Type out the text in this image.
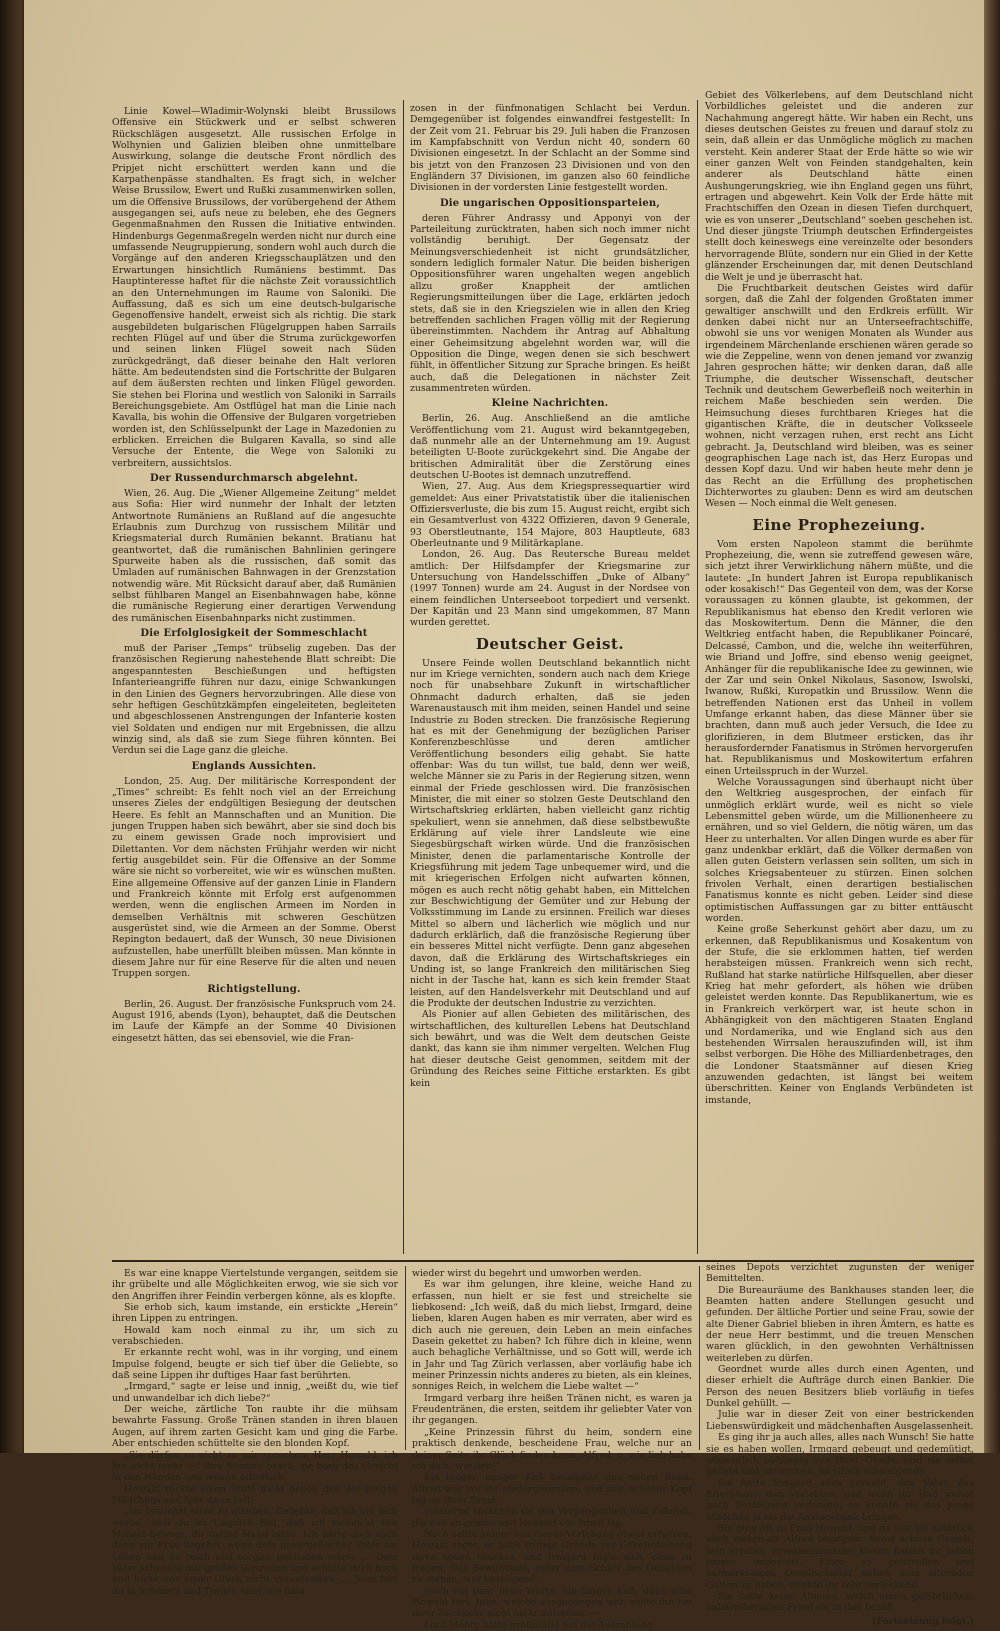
Linie Kowel—Wladimir-Wolynski bleibt Brussilows Offensive ein Stückwerk und er selbst schweren Rückschlägen ausgesetzt. Alle russischen Erfolge in Wolhynien und Galizien bleiben ohne unmittelbare Auswirkung, solange die deutsche Front nördlich des Pripjet nicht erschüttert werden kann und die Karpathenpässe standhalten. Es fragt sich, in welcher Weise Brussilow, Ewert und Rußki zusammenwirken sollen, um die Offensive Brussilows, der vorübergehend der Athem ausgegangen sei, aufs neue zu beleben, ehe des Gegners Gegenmaßnahmen den Russen die Initiative entwinden. Hindenburgs Gegenmaßregeln werden nicht nur durch eine umfassende Neugruppierung, sondern wohl auch durch die Vorgänge auf den anderen Kriegsschauplätzen und den Erwartungen hinsichtlich Rumäniens bestimmt. Das Hauptinteresse haftet für die nächste Zeit voraussichtlich an den Unternehmungen im Raume von Saloniki. Die Auffassung, daß es sich um eine deutsch-bulgarische Gegenoffensive handelt, erweist sich als richtig. Die stark ausgebildeten bulgarischen Flügelgruppen haben Sarrails rechten Flügel auf und über die Struma zurückgeworfen und seinen linken Flügel soweit nach Süden zurückgedrängt, daß dieser beinahe den Halt verloren hätte. Am bedeutendsten sind die Fortschritte der Bulgaren auf dem äußersten rechten und linken Flügel geworden. Sie stehen bei Florina und westlich von Saloniki in Sarrails Bereichungsgebiete. Am Ostflügel hat man die Linie nach Kavalla, bis wohin die Offensive der Bulgaren vorgetrieben worden ist, den Schlüsselpunkt der Lage in Mazedonien zu erblicken. Erreichen die Bulgaren Kavalla, so sind alle Versuche der Entente, die Wege von Saloniki zu verbreitern, aussichtslos.

Der Russendurchmarsch abgelehnt.

Wien, 26. Aug. Die „Wiener Allgemeine Zeitung“ meldet aus Sofia: Hier wird nunmehr der Inhalt der letzten Antwortnote Rumäniens an Rußland auf die angesuchte Erlaubnis zum Durchzug von russischem Militär und Kriegsmaterial durch Rumänien bekannt. Bratianu hat geantwortet, daß die rumänischen Bahnlinien geringere Spurweite haben als die russischen, daß somit das Umladen auf rumänischen Bahnwagen in der Grenzstation notwendig wäre. Mit Rücksicht darauf aber, daß Rumänien selbst fühlbaren Mangel an Eisenbahnwagen habe, könne die rumänische Regierung einer derartigen Verwendung des rumänischen Eisenbahnparks nicht zustimmen.

Die Erfolglosigkeit der Sommeschlacht

muß der Pariser „Temps“ trübselig zugeben. Das der französischen Regierung nahestehende Blatt schreibt: Die angespanntesten Beschießungen und heftigsten Infanterieangriffe führen nur dazu, einige Schwankungen in den Linien des Gegners hervorzubringen. Alle diese von sehr heftigen Geschützkämpfen eingeleiteten, begleiteten und abgeschlossenen Anstrengungen der Infanterie kosten viel Soldaten und endigen nur mit Ergebnissen, die allzu winzig sind, als daß sie zum Siege führen könnten. Bei Verdun sei die Lage ganz die gleiche.

Englands Aussichten.

London, 25. Aug. Der militärische Korrespondent der „Times“ schreibt: Es fehlt noch viel an der Erreichung unseres Zieles der endgültigen Besiegung der deutschen Heere. Es fehlt an Mannschaften und an Munition. Die jungen Truppen haben sich bewährt, aber sie sind doch bis zu einem gewissen Grade noch improvisiert und Dilettanten. Vor dem nächsten Frühjahr werden wir nicht fertig ausgebildet sein. Für die Offensive an der Somme wäre sie nicht so vorbereitet, wie wir es wünschen mußten. Eine allgemeine Offensive auf der ganzen Linie in Flandern und Frankreich könnte mit Erfolg erst aufgenommen werden, wenn die englischen Armeen im Norden in demselben Verhältnis mit schweren Geschützen ausgerüstet sind, wie die Armeen an der Somme. Oberst Repington bedauert, daß der Wunsch, 30 neue Divisionen aufzustellen, habe unerfüllt bleiben müssen. Man könnte in diesem Jahre nur für eine Reserve für die alten und neuen Truppen sorgen.

Richtigstellung.

Berlin, 26. August. Der französische Funkspruch vom 24. August 1916, abends (Lyon), behauptet, daß die Deutschen im Laufe der Kämpfe an der Somme 40 Divisionen eingesetzt hätten, das sei ebensoviel, wie die Fran-

zosen in der fünfmonatigen Schlacht bei Verdun. Demgegenüber ist folgendes einwandfrei festgestellt: In der Zeit vom 21. Februar bis 29. Juli haben die Franzosen im Kampfabschnitt von Verdun nicht 40, sondern 60 Divisionen eingesetzt. In der Schlacht an der Somme sind bis jetzt von den Franzosen 23 Divisionen und von den Engländern 37 Divisionen, im ganzen also 60 feindliche Divisionen in der vordersten Linie festgestellt worden.

Die ungarischen Oppositionsparteien,

deren Führer Andrassy und Apponyi von der Parteileitung zurücktraten, haben sich noch immer nicht vollständig beruhigt. Der Gegensatz der Meinungsverschiedenheit ist nicht grundsätzlicher, sondern lediglich formaler Natur. Die beiden bisherigen Oppositionsführer waren ungehalten wegen angeblich allzu großer Knappheit der amtlichen Regierungsmitteilungen über die Lage, erklärten jedoch stets, daß sie in den Kriegszielen wie in allen den Krieg betreffenden sachlichen Fragen völlig mit der Regierung übereinstimmten. Nachdem ihr Antrag auf Abhaltung einer Geheimsitzung abgelehnt worden war, will die Opposition die Dinge, wegen denen sie sich beschwert fühlt, in öffentlicher Sitzung zur Sprache bringen. Es heißt auch, daß die Delegationen in nächster Zeit zusammentreten würden.

Kleine Nachrichten.

Berlin, 26. Aug. Anschließend an die amtliche Veröffentlichung vom 21. August wird bekanntgegeben, daß nunmehr alle an der Unternehmung am 19. August beteiligten U-Boote zurückgekehrt sind. Die Angabe der britischen Admiralität über die Zerstörung eines deutschen U-Bootes ist demnach unzutreffend.

Wien, 27. Aug. Aus dem Kriegspressequartier wird gemeldet: Aus einer Privatstatistik über die italienischen Offiziersverluste, die bis zum 15. August reicht, ergibt sich ein Gesamtverlust von 4322 Offizieren, davon 9 Generale, 93 Oberstleutnante, 154 Majore, 803 Hauptleute, 683 Oberleutnante und 9 Militärkaplane.

London, 26. Aug. Das Reutersche Bureau meldet amtlich: Der Hilfsdampfer der Kriegsmarine zur Untersuchung von Handelsschiffen „Duke of Albany“ (1997 Tonnen) wurde am 24. August in der Nordsee von einem feindlichen Unterseeboot torpediert und versenkt. Der Kapitän und 23 Mann sind umgekommen, 87 Mann wurden gerettet.

Deutscher Geist.

Unsere Feinde wollen Deutschland bekanntlich nicht nur im Kriege vernichten, sondern auch nach dem Kriege noch für unabsehbare Zukunft in wirtschaftlicher Ohnmacht dadurch erhalten, daß sie jeden Warenaustausch mit ihm meiden, seinen Handel und seine Industrie zu Boden strecken. Die französische Regierung hat es mit der Genehmigung der bezüglichen Pariser Konferenzbeschlüsse und deren amtlicher Veröffentlichung besonders eilig gehabt. Sie hatte offenbar: Was du tun willst, tue bald, denn wer weiß, welche Männer sie zu Paris in der Regierung sitzen, wenn einmal der Friede geschlossen wird. Die französischen Minister, die mit einer so stolzen Geste Deutschland den Wirtschaftskrieg erklärten, haben vielleicht ganz richtig spekuliert, wenn sie annehmen, daß diese selbstbewußte Erklärung auf viele ihrer Landsleute wie eine Siegesbürgschaft wirken würde. Und die französischen Minister, denen die parlamentarische Kontrolle der Kriegsführung mit jedem Tage unbequemer wird, und die mit kriegerischen Erfolgen nicht aufwarten können, mögen es auch recht nötig gehabt haben, ein Mittelchen zur Beschwichtigung der Gemüter und zur Hebung der Volksstimmung im Lande zu ersinnen. Freilich war dieses Mittel so albern und lächerlich wie möglich und nur dadurch erklärlich, daß die französische Regierung über ein besseres Mittel nicht verfügte. Denn ganz abgesehen davon, daß die Erklärung des Wirtschaftskrieges ein Unding ist, so lange Frankreich den militärischen Sieg nicht in der Tasche hat, kann es sich kein fremder Staat leisten, auf den Handelsverkehr mit Deutschland und auf die Produkte der deutschen Industrie zu verzichten.

Als Pionier auf allen Gebieten des militärischen, des wirtschaftlichen, des kulturellen Lebens hat Deutschland sich bewährt, und was die Welt dem deutschen Geiste dankt, das kann sie ihm nimmer vergelten. Welchen Flug hat dieser deutsche Geist genommen, seitdem mit der Gründung des Reiches seine Fittiche erstarkten. Es gibt kein

Gebiet des Völkerlebens, auf dem Deutschland nicht Vorbildliches geleistet und die anderen zur Nachahmung angeregt hätte. Wir haben ein Recht, uns dieses deutschen Geistes zu freuen und darauf stolz zu sein, daß allein er das Unmögliche möglich zu machen versteht. Kein anderer Staat der Erde hätte so wie wir einer ganzen Welt von Feinden standgehalten, kein anderer als Deutschland hätte einen Aushungerungskrieg, wie ihn England gegen uns führt, ertragen und abgewehrt. Kein Volk der Erde hätte mit Frachtschiffen den Ozean in diesen Tiefen durchquert, wie es von unserer „Deutschland“ soeben geschehen ist. Und dieser jüngste Triumph deutschen Erfindergeistes stellt doch keineswegs eine vereinzelte oder besonders hervorragende Blüte, sondern nur ein Glied in der Kette glänzender Erscheinungen dar, mit denen Deutschland die Welt je und je überrascht hat.

Die Fruchtbarkeit deutschen Geistes wird dafür sorgen, daß die Zahl der folgenden Großtaten immer gewaltiger anschwillt und den Erdkreis erfüllt. Wir denken dabei nicht nur an Unterseefrachtschiffe, obwohl sie uns vor wenigen Monaten als Wunder aus irgendeinem Märchenlande erschienen wären gerade so wie die Zeppeline, wenn von denen jemand vor zwanzig Jahren gesprochen hätte; wir denken daran, daß alle Triumphe, die deutscher Wissenschaft, deutscher Technik und deutschem Gewerbefleiß noch weiterhin in reichem Maße beschieden sein werden. Die Heimsuchung dieses furchtbaren Krieges hat die gigantischen Kräfte, die in deutscher Volksseele wohnen, nicht verzagen ruhen, erst recht ans Licht gebracht. Ja, Deutschland wird bleiben, was es seiner geographischen Lage nach ist, das Herz Europas und dessen Kopf dazu. Und wir haben heute mehr denn je das Recht an die Erfüllung des prophetischen Dichterwortes zu glauben: Denn es wird am deutschen Wesen — Noch einmal die Welt genesen.

Eine Prophezeiung.

Vom ersten Napoleon stammt die berühmte Prophezeiung, die, wenn sie zutreffend gewesen wäre, sich jetzt ihrer Verwirklichung nähern müßte, und die lautete: „In hundert Jahren ist Europa republikanisch oder kosakisch!“ Das Gegenteil von dem, was der Korse voraussagen zu können glaubte, ist gekommen, der Republikanismus hat ebenso den Kredit verloren wie das Moskowitertum. Denn die Männer, die den Weltkrieg entfacht haben, die Republikaner Poincaré, Delcassé, Cambon, und die, welche ihn weiterführen, wie Briand und Joffre, sind ebenso wenig geeignet, Anhänger für die republikanische Idee zu gewinnen, wie der Zar und sein Onkel Nikolaus, Sasonow, Iswolski, Iwanow, Rußki, Kuropatkin und Brussilow. Wenn die betreffenden Nationen erst das Unheil in vollem Umfange erkannt haben, das diese Männer über sie brachten, dann muß auch jeder Versuch, die Idee zu glorifizieren, in dem Blutmeer ersticken, das ihr herausfordernder Fanatismus in Strömen hervorgerufen hat. Republikanismus und Moskowitertum erfahren einen Urteilsspruch in der Wurzel.

Welche Voraussagungen sind überhaupt nicht über den Weltkrieg ausgesprochen, der einfach für unmöglich erklärt wurde, weil es nicht so viele Lebensmittel geben würde, um die Millionenheere zu ernähren, und so viel Geldern, die nötig wären, um das Heer zu unterhalten. Vor allen Dingen wurde es aber für ganz undenkbar erklärt, daß die Völker dermaßen von allen guten Geistern verlassen sein sollten, um sich in solches Kriegsabenteuer zu stürzen. Einen solchen frivolen Verhalt, einen derartigen bestialischen Fanatismus konnte es nicht geben. Leider sind diese optimistischen Auffassungen gar zu bitter enttäuscht worden.

Keine große Seherkunst gehört aber dazu, um zu erkennen, daß Republikanismus und Kosakentum von der Stufe, die sie erklommen hatten, tief werden herabsteigen müssen. Frankreich wenn sich recht, Rußland hat starke natürliche Hilfsquellen, aber dieser Krieg hat mehr gefordert, als höhen wie drüben geleistet werden konnte. Das Republikanertum, wie es in Frankreich verkörpert war, ist heute schon in Abhängigkeit von den mächtigeren Staaten England und Nordamerika, und wie England sich aus den bestehenden Wirrsalen herauszufinden will, ist ihm selbst verborgen. Die Höhe des Milliardenbetrages, den die Londoner Staatsmänner auf diesen Krieg anzuwenden gedachten, ist längst bei weitem überschritten. Keiner von Englands Verbündeten ist imstande,

Es war eine knappe Viertelstunde vergangen, seitdem sie ihr grübelte und alle Möglichkeiten erwog, wie sie sich vor den Angriffen ihrer Feindin verbergen könne, als es klopfte.

Sie erhob sich, kaum imstande, ein erstickte „Herein“ ihren Lippen zu entringen.

Howald kam noch einmal zu ihr, um sich zu verabschieden.

Er erkannte recht wohl, was in ihr vorging, und einem Impulse folgend, beugte er sich tief über die Geliebte, so daß seine Lippen ihr duftiges Haar fast berührten.

„Irmgard,“ sagte er leise und innig, „weißt du, wie tief und unwandelbar ich dich liebe?“

Der weiche, zärtliche Ton raubte ihr die mühsam bewahrte Fassung. Große Tränen standen in ihren blauen Augen, auf ihrem zarten Gesicht kam und ging die Farbe. Aber entschieden schüttelte sie den blonden Kopf.

„Sie dürfen so nicht zu mir sprechen, Herr Howald, ich bin nicht mehr —“ ihre Stimme brach, sie barg das Gesicht in den Händen und weinte bitterlich.

Howald rückte einen Stuhl dicht neben den des jungen Mädchens und fuhr dann fort:

„Du brauchst nicht zu glauben, Geliebte, daß ich um dich werbe, weil du im Unglück bist, daß ich vielleicht von Mitleid bewegt, dir meine Hand biete. Ich hätte dich auch dann zur Frau begehrt, wenn dein unvergeßlicher Vater am Leben und du reich und sorglos geblieben wärst .... Dein Vater schenkte mir großes Vertrauen und achtete mich hoch und hätte uns unser Glück nicht vorenthalten .... Jetzt bist du in Schmerz und Trauer, aber wie bald

wieder wirst du begehrt und umworben werden.

Es war ihm gelungen, ihre kleine, weiche Hand zu erfassen, nun hielt er sie fest und streichelte sie liebkosend: „Ich weiß, daß du mich liebst, Irmgard, deine lieben, klaren Augen haben es mir verraten, aber wird es dich auch nie gereuen, dein Leben an mein einfaches Dasein gekettet zu haben? Ich führe dich in kleine, wenn auch behagliche Verhältnisse, und so Gott will, werde ich in Jahr und Tag Zürich verlassen, aber vorläufig habe ich meiner Prinzessin nichts anderes zu bieten, als ein kleines, sonniges Reich, in welchem die Liebe waltet —“

Irmgard verbarg ihre heißen Tränen nicht, es waren ja Freudentränen, die ersten, seitdem ihr geliebter Vater von ihr gegangen.

„Keine Prinzessin führst du heim, sondern eine praktisch denkende, bescheidene Frau, welche nur an deiner Seite ihr Glück finden kann, Alfred, o, wie lieb habe ich dich, wie lieb!“

Ein langer, inniger Kuß besiegelte den neuen Bund. Alfred war vor ihr niedergesunken, und sein schöner Kopf lag an ihrer Brust.

Flüsternd sprachen sie von Vergangenheit und Zukunft, die nun so golden und lockend vor ihnen lag.

Noch sollte keiner von dieser Verlobung etwas erfahren. Howald sagte, er habe triftige Gründe zur Geheimhaltung ihres neuen Glückes, und Irmgard fügte sich, ohne zu fragen. Das Bewußtsein, unter dem Schutz des Geliebten zu stehen, war beseligend.

Noch ein paar liebe Worte, ein langer Kuß, dann eilte Howald fort. Julie, welche ausgegangen war, sollte ihn bei ihrer Rückkehr nicht mehr antreffen. —

Lord Moory hatte großmütig auf die Auszahlung

seines Depots verzichtet zugunsten der weniger Bemittelten.

Die Bureauräume des Bankhauses standen leer, die Beamten hatten andere Stellungen gesucht und gefunden. Der ältliche Portier und seine Frau, sowie der alte Diener Gabriel blieben in ihren Ämtern, es hatte es der neue Herr bestimmt, und die treuen Menschen waren glücklich, in den gewohnten Verhältnissen weiterleben zu dürfen.

Geordnet wurde alles durch einen Agenten, und dieser erhielt die Aufträge durch einen Bankier. Die Person des neuen Besitzers blieb vorläufig in tiefes Dunkel gehüllt. —

Julie war in dieser Zeit von einer bestrickenden Liebenswürdigkeit und mädchenhaften Ausgelassenheit.

Es ging ihr ja auch alles, alles nach Wunsch! Sie hatte sie es haben wollen, Irmgard gebeugt und gedemütigt, wissentlich abhängig von ihrer Gnade, und sie selbst geliebt und umworben, im Glück schwelgend!

Sie hatte Irmgard alles geraubt, den Vater, das Elternhaus, den Verlobten, und wenn ihr Haß weiter nach Betätigung verlangte, so konnte sie das junge Mädchen ja als die Anklagebank bringen.

Sie ging oft zu Frau Howald, und da war sie natürlich auch mehrmals Alfred begegnet. Seine schöne Gestalt, sein ernstes, zuvorkommendes Wesen hatten ihr schon immer imponiert. Einer so geistvollen und aufmerksamen Gesellschafter neben dem alternden Gatten zu haben, dünkte ihr sehr verlockend.

Sie hatte keine Ahnung, welch einen gefährlichen, unbarmherzigen Feind sie in ihm besaß.

(Fortsetzung folgt.)
